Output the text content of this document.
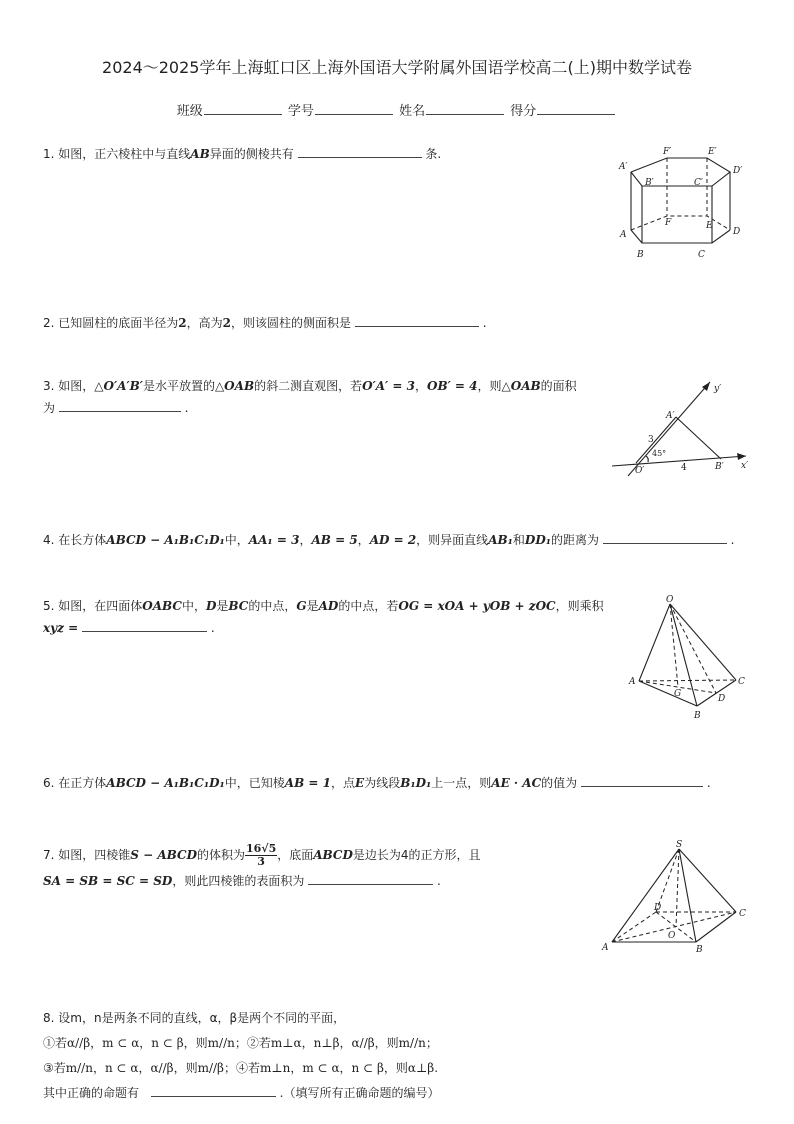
2024～2025学年上海虹口区上海外国语大学附属外国语学校高二(上)期中数学试卷
班级	学号	姓名	得分
1. 如图，正六棱柱中与直线AB异面的侧棱共有	条.
A′
F′	E′
D′
B′	C′
A
F	E
D
B	C
2. 已知圆柱的底面半径为2，高为2，则该圆柱的侧面积是	.
3. 如图，△O′A′B′是水平放置的△OAB的斜二测直观图，若O′A′ = 3，OB′ = 4，则△OAB的面积
为	.
y′
A′
3
45°
O′	4	B′ x′
4. 在长方体ABCD − A₁B₁C₁D₁中，AA₁ = 3，AB = 5，AD = 2，则异面直线AB₁和DD₁的距离为	.
5. 如图，在四面体OABC中，D是BC的中点，G是AD的中点，若OG = xOA + yOB + zOC，则乘积
xyz =	.
O
A
G	D
C
B
6. 在正方体ABCD − A₁B₁C₁D₁中，已知棱AB = 1，点E为线段B₁D₁上一点，则AE · AC的值为	.
7. 如图，四棱锥S − ABCD的体积为 $\frac{16√5}{3}$ ，底面ABCD是边长为4的正方形，且
SA = SB = SC = SD，则此四棱锥的表面积为	.
S
D
C
A
O
B
8. 设m，n是两条不同的直线，α，β是两个不同的平面，
①若α//β，m ⊂ α，n ⊂ β，则m//n；②若m⊥α，n⊥β，α//β，则m//n；
③若m//n，n ⊂ α，α//β，则m//β；④若m⊥n，m ⊂ α，n ⊂ β，则α⊥β.
其中正确的命题有	.（填写所有正确命题的编号）
